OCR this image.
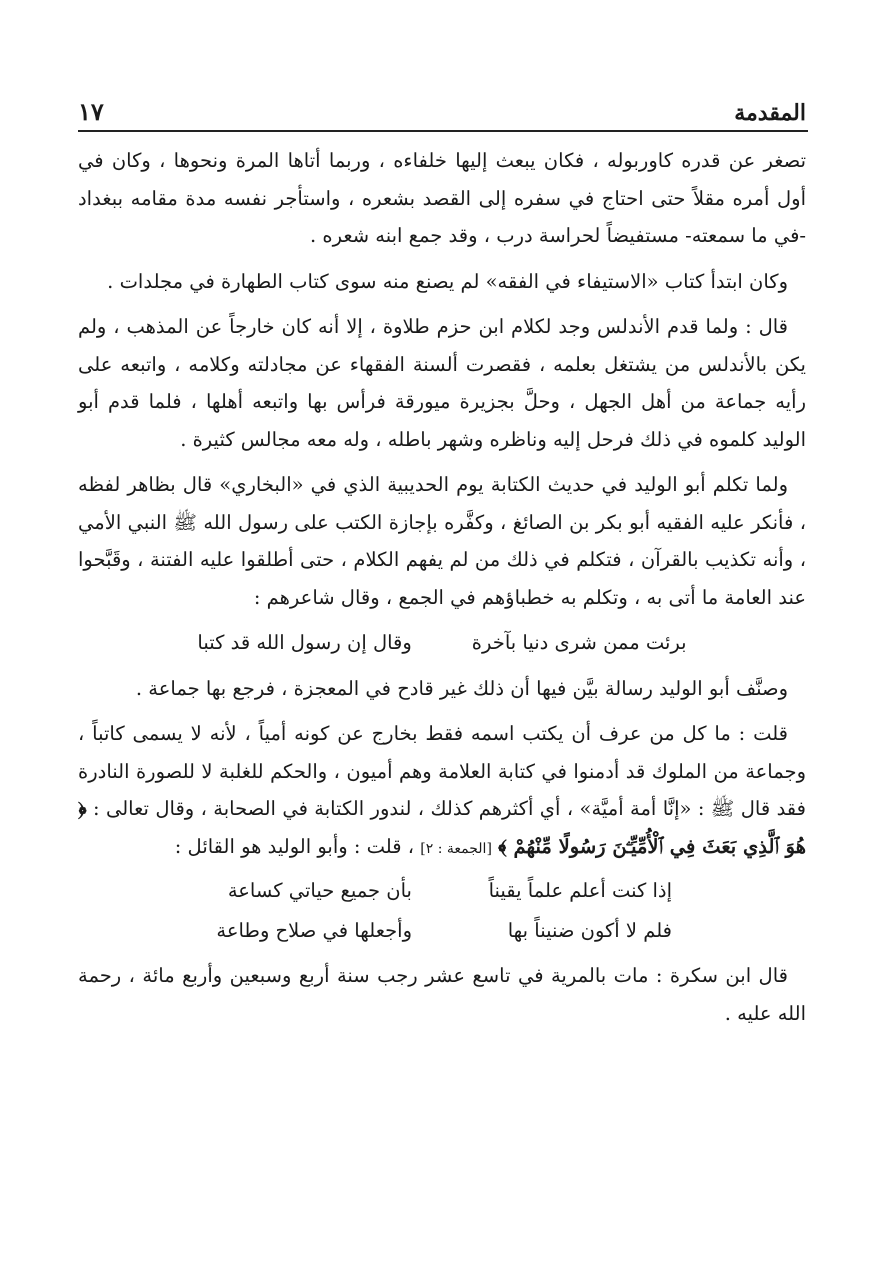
المقدمة
١٧

تصغر عن قدره كاوربوله ، فكان يبعث إليها خلفاءه ، وربما أتاها المرة ونحوها ، وكان في أول أمره مقلاً حتى احتاج في سفره إلى القصد بشعره ، واستأجر نفسه مدة مقامه ببغداد -في ما سمعته- مستفيضاً لحراسة درب ، وقد جمع ابنه شعره .

وكان ابتدأ كتاب «الاستيفاء في الفقه» لم يصنع منه سوى كتاب الطهارة في مجلدات .

قال : ولما قدم الأندلس وجد لكلام ابن حزم طلاوة ، إلا أنه كان خارجاً عن المذهب ، ولم يكن بالأندلس من يشتغل بعلمه ، فقصرت ألسنة الفقهاء عن مجادلته وكلامه ، واتبعه على رأيه جماعة من أهل الجهل ، وحلَّ بجزيرة ميورقة فرأس بها واتبعه أهلها ، فلما قدم أبو الوليد كلموه في ذلك فرحل إليه وناظره وشهر باطله ، وله معه مجالس كثيرة .

ولما تكلم أبو الوليد في حديث الكتابة يوم الحديبية الذي في «البخاري» قال بظاهر لفظه ، فأنكر عليه الفقيه أبو بكر بن الصائغ ، وكفَّره بإجازة الكتب على رسول الله ﷺ النبي الأمي ، وأنه تكذيب بالقرآن ، فتكلم في ذلك من لم يفهم الكلام ، حتى أطلقوا عليه الفتنة ، وقَبَّحوا عند العامة ما أتى به ، وتكلم به خطباؤهم في الجمع ، وقال شاعرهم :

برئت ممن شرى دنيا بآخرة
وقال إن رسول الله قد كتبا

وصنَّف أبو الوليد رسالة بيَّن فيها أن ذلك غير قادح في المعجزة ، فرجع بها جماعة .

قلت : ما كل من عرف أن يكتب اسمه فقط بخارج عن كونه أمياً ، لأنه لا يسمى كاتباً ، وجماعة من الملوك قد أدمنوا في كتابة العلامة وهم أميون ، والحكم للغلبة لا للصورة النادرة فقد قال ﷺ : «إنَّا أمة أميَّة» ، أي أكثرهم كذلك ، لندور الكتابة في الصحابة ، وقال تعالى : ﴿ هُوَ ٱلَّذِي بَعَثَ فِي ٱلْأُمِّيِّـۧنَ رَسُولًا مِّنْهُمْ ﴾ [الجمعة : ٢] ، قلت : وأبو الوليد هو القائل :

إذا كنت أعلم علماً يقيناً
بأن جميع حياتي كساعة
فلم لا أكون ضنيناً بها
وأجعلها في صلاح وطاعة

قال ابن سكرة : مات بالمرية في تاسع عشر رجب سنة أربع وسبعين وأربع مائة ، رحمة الله عليه .
